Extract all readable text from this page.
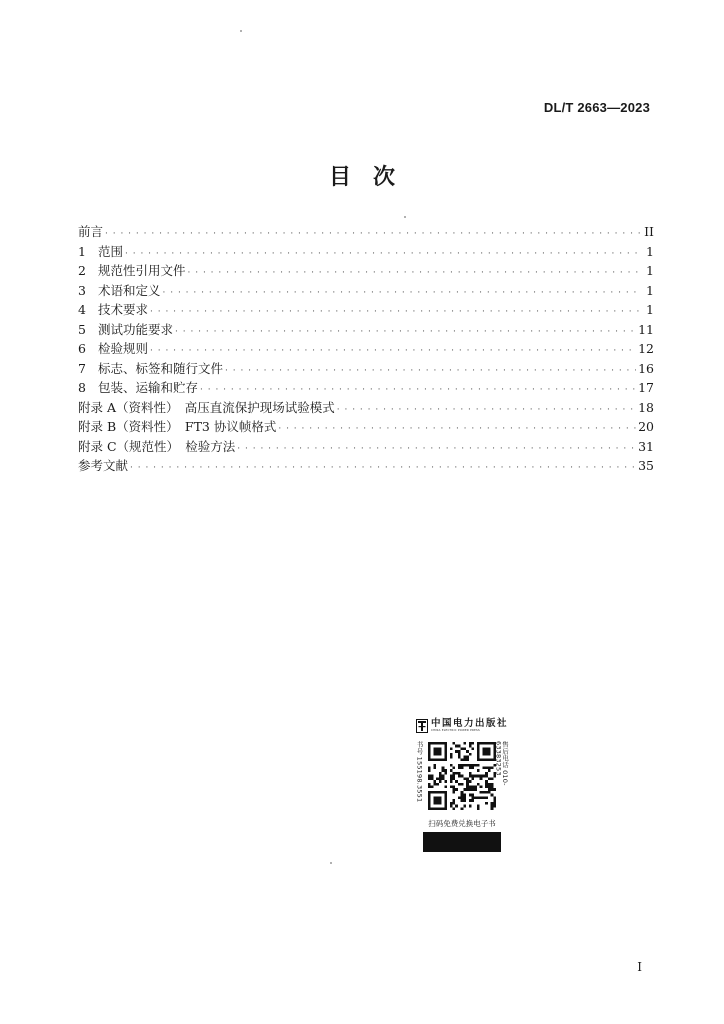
DL/T 2663—2023
目　次
前言 · · ·	II
1 范围 · · ·	1
2 规范性引用文件 · · ·	1
3 术语和定义 · · ·	1
4 技术要求 · · ·	1
5 测试功能要求 · · ·	11
6 检验规则 · · ·	12
7 标志、标签和随行文件 · · ·	16
8 包装、运输和贮存 · · ·	17
附录 A（资料性）　高压直流保护现场试验模式 · · ·	18
附录 B（资料性）　FT3 协议帧格式 · · ·	20
附录 C（规范性）　检验方法 · · ·	31
参考文献 · · ·	35
中国电力出版社
CHINA ELECTRIC POWER PRESS
书号 155198.3551	售后电话 010-63383253
扫码免费兑换电子书
I
